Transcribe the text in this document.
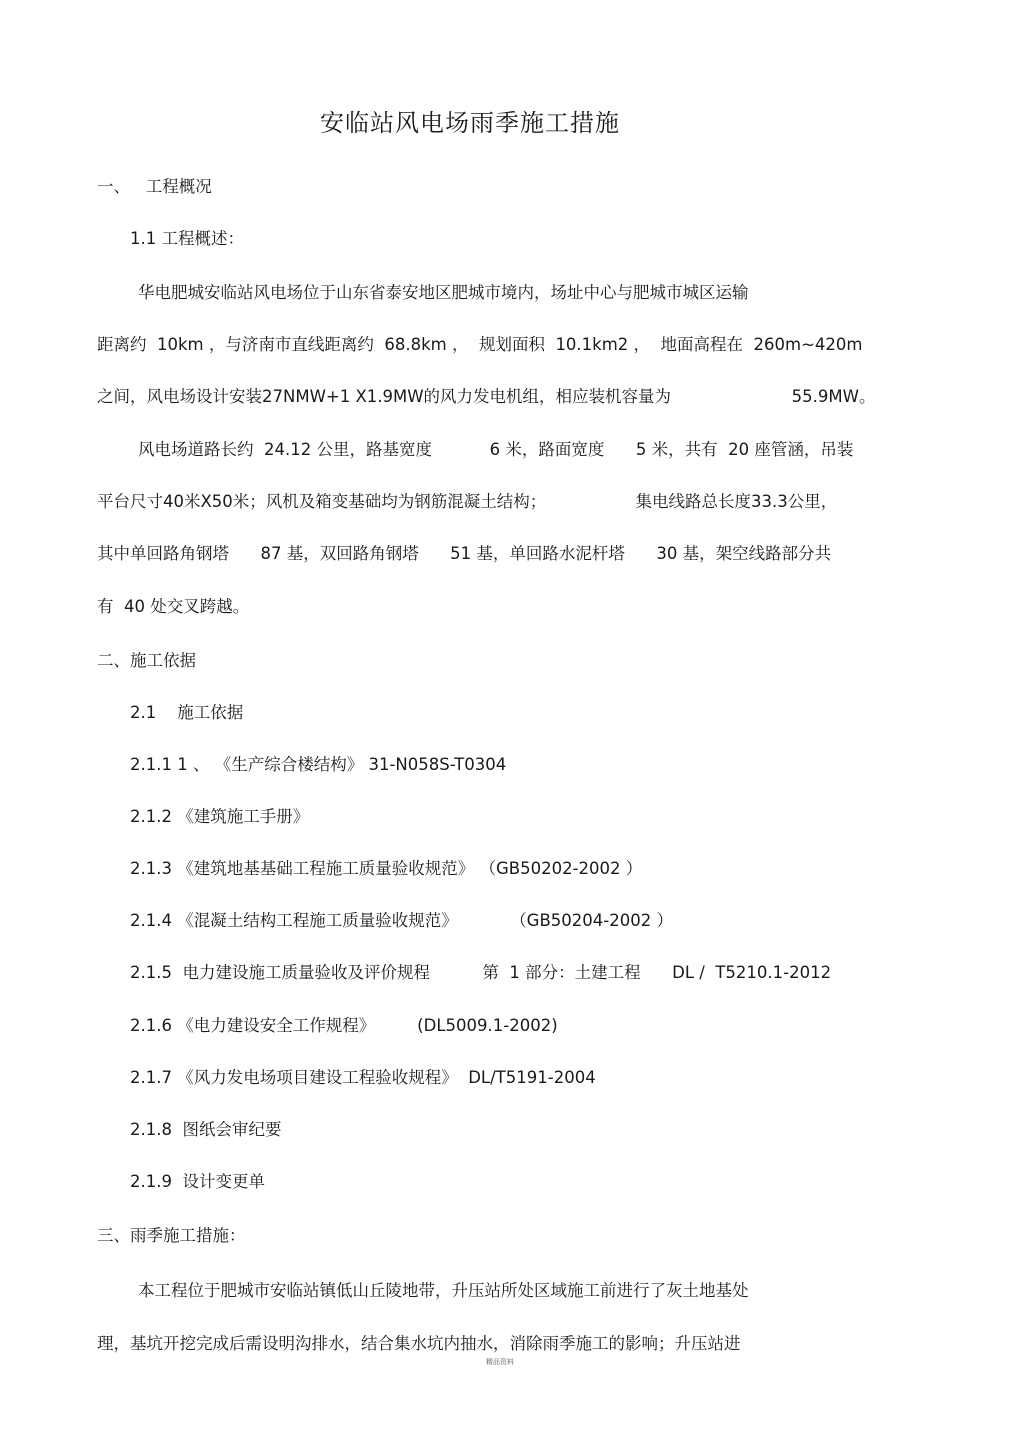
安临站风电场雨季施工措施
一、   工程概况
1.1 工程概述：
华电肥城安临站风电场位于山东省泰安地区肥城市境内，场址中心与肥城市城区运输
距离约  10km ，与济南市直线距离约  68.8km ，  规划面积  10.1km2 ，  地面高程在  260m~420m
之间，风电场设计安装27NMW+1 X1.9MW的风力发电机组，相应装机容量为                       55.9MW。
风电场道路长约  24.12 公里，路基宽度           6 米，路面宽度      5 米，共有  20 座管涵，吊装
平台尺寸40米X50米；风机及箱变基础均为钢筋混凝土结构；                 集电线路总长度33.3公里，
其中单回路角钢塔      87 基，双回路角钢塔      51 基，单回路水泥杆塔      30 基，架空线路部分共
有  40 处交叉跨越。
二、施工依据
2.1    施工依据
2.1.1 1 、 《生产综合楼结构》 31-N058S-T0304
2.1.2 《建筑施工手册》
2.1.3 《建筑地基基础工程施工质量验收规范》 （GB50202-2002 ）
2.1.4 《混凝土结构工程施工质量验收规范》          （GB50204-2002 ）
2.1.5  电力建设施工质量验收及评价规程          第  1 部分：土建工程      DL /  T5210.1-2012
2.1.6 《电力建设安全工作规程》        (DL5009.1-2002)
2.1.7 《风力发电场项目建设工程验收规程》  DL/T5191-2004
2.1.8  图纸会审纪要
2.1.9  设计变更单
三、雨季施工措施：
本工程位于肥城市安临站镇低山丘陵地带，升压站所处区域施工前进行了灰土地基处
理，基坑开挖完成后需设明沟排水，结合集水坑内抽水，消除雨季施工的影响；升压站进
精品资料
